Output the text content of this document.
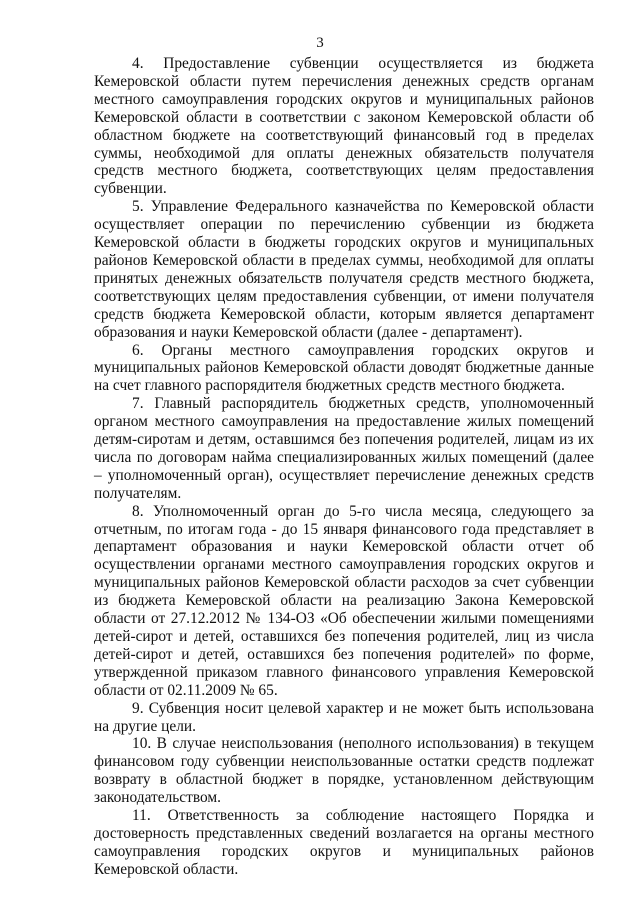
3

4. Предоставление субвенции осуществляется из бюджета Кемеровской области путем перечисления денежных средств органам местного самоуправления городских округов и муниципальных районов Кемеровской области в соответствии с законом Кемеровской области об областном бюджете на соответствующий финансовый год в пределах суммы, необходимой для оплаты денежных обязательств получателя средств местного бюджета, соответствующих целям предоставления субвенции.

5. Управление Федерального казначейства по Кемеровской области осуществляет операции по перечислению субвенции из бюджета Кемеровской области в бюджеты городских округов и муниципальных районов Кемеровской области в пределах суммы, необходимой для оплаты принятых денежных обязательств получателя средств местного бюджета, соответствующих целям предоставления субвенции, от имени получателя средств бюджета Кемеровской области, которым является департамент образования и науки Кемеровской области (далее - департамент).

6. Органы местного самоуправления городских округов и муниципальных районов Кемеровской области доводят бюджетные данные на счет главного распорядителя бюджетных средств местного бюджета.

7. Главный распорядитель бюджетных средств, уполномоченный органом местного самоуправления на предоставление жилых помещений детям-сиротам и детям, оставшимся без попечения родителей, лицам из их числа по договорам найма специализированных жилых помещений (далее – уполномоченный орган), осуществляет перечисление денежных средств получателям.

8. Уполномоченный орган до 5-го числа месяца, следующего за отчетным, по итогам года - до 15 января финансового года представляет в департамент образования и науки Кемеровской области отчет об осуществлении органами местного самоуправления городских округов и муниципальных районов Кемеровской области расходов за счет субвенции из бюджета Кемеровской области на реализацию Закона Кемеровской области от 27.12.2012 № 134-ОЗ «Об обеспечении жилыми помещениями детей-сирот и детей, оставшихся без попечения родителей, лиц из числа детей-сирот и детей, оставшихся без попечения родителей» по форме, утвержденной приказом главного финансового управления Кемеровской области от 02.11.2009 № 65.

9. Субвенция носит целевой характер и не может быть использована на другие цели.

10. В случае неиспользования (неполного использования) в текущем финансовом году субвенции неиспользованные остатки средств подлежат возврату в областной бюджет в порядке, установленном действующим законодательством.

11. Ответственность за соблюдение настоящего Порядка и достоверность представленных сведений возлагается на органы местного самоуправления городских округов и муниципальных районов Кемеровской области.
